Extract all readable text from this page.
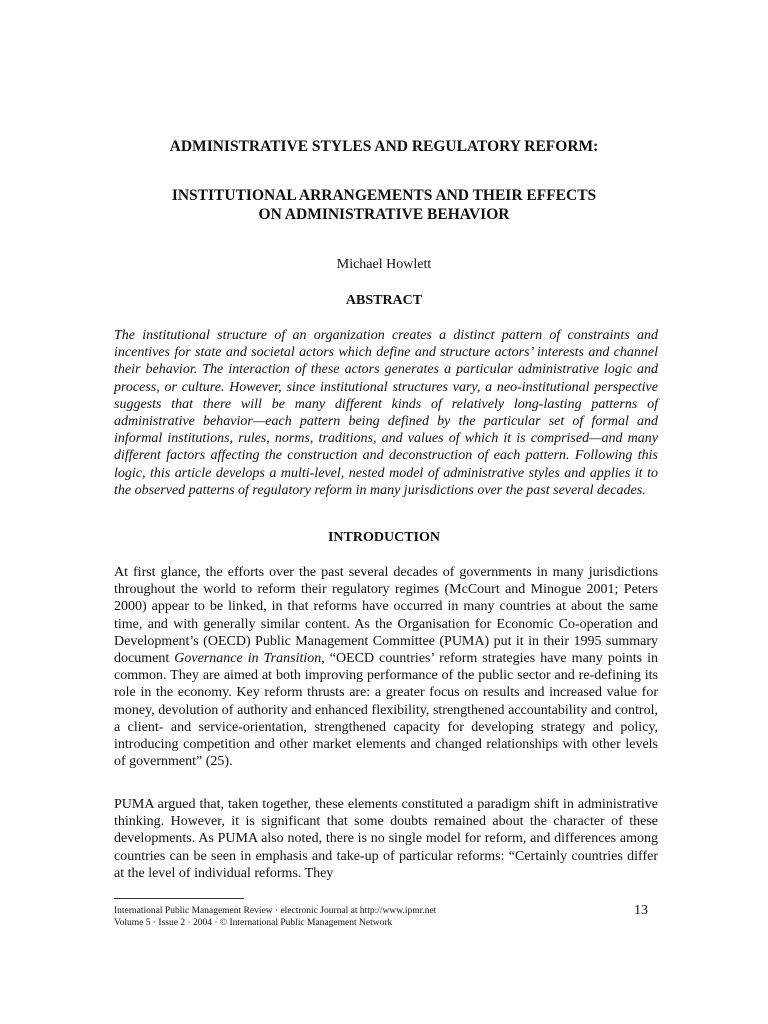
ADMINISTRATIVE STYLES AND REGULATORY REFORM:
INSTITUTIONAL ARRANGEMENTS AND THEIR EFFECTS
ON ADMINISTRATIVE BEHAVIOR
Michael Howlett
ABSTRACT

The institutional structure of an organization creates a distinct pattern of constraints and incentives for state and societal actors which define and structure actors’ interests and channel their behavior. The interaction of these actors generates a particular administrative logic and process, or culture. However, since institutional structures vary, a neo-institutional perspective suggests that there will be many different kinds of relatively long-lasting patterns of administrative behavior—each pattern being defined by the particular set of formal and informal institutions, rules, norms, traditions, and values of which it is comprised—and many different factors affecting the construction and deconstruction of each pattern. Following this logic, this article develops a multi-level, nested model of administrative styles and applies it to the observed patterns of regulatory reform in many jurisdictions over the past several decades.

INTRODUCTION

At first glance, the efforts over the past several decades of governments in many jurisdictions throughout the world to reform their regulatory regimes (McCourt and Minogue 2001; Peters 2000) appear to be linked, in that reforms have occurred in many countries at about the same time, and with generally similar content. As the Organisation for Economic Co-operation and Development’s (OECD) Public Management Committee (PUMA) put it in their 1995 summary document Governance in Transition, “OECD countries’ reform strategies have many points in common. They are aimed at both improving performance of the public sector and re-defining its role in the economy. Key reform thrusts are: a greater focus on results and increased value for money, devolution of authority and enhanced flexibility, strengthened accountability and control, a client- and service-orientation, strengthened capacity for developing strategy and policy, introducing competition and other market elements and changed relationships with other levels of government” (25).

PUMA argued that, taken together, these elements constituted a paradigm shift in administrative thinking. However, it is significant that some doubts remained about the character of these developments. As PUMA also noted, there is no single model for reform, and differences among countries can be seen in emphasis and take-up of particular reforms: “Certainly countries differ at the level of individual reforms. They

International Public Management Review · electronic Journal at http://www.ipmr.net
Volume 5 · Issue 2 · 2004 · © International Public Management Network
13
